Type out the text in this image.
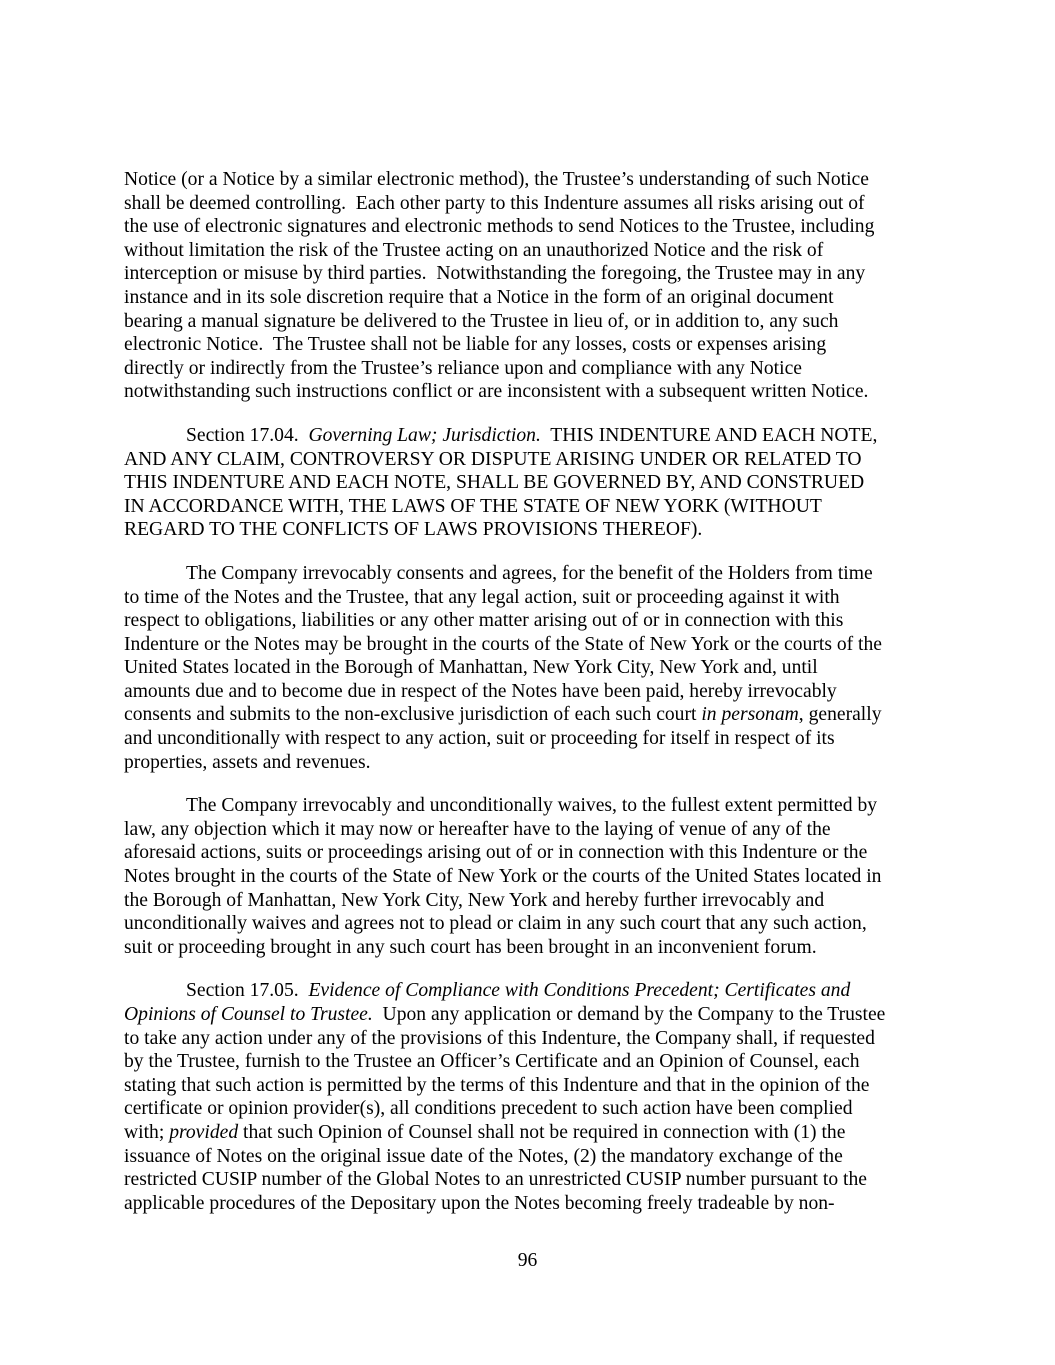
Notice (or a Notice by a similar electronic method), the Trustee’s understanding of such Notice
shall be deemed controlling.  Each other party to this Indenture assumes all risks arising out of
the use of electronic signatures and electronic methods to send Notices to the Trustee, including
without limitation the risk of the Trustee acting on an unauthorized Notice and the risk of
interception or misuse by third parties.  Notwithstanding the foregoing, the Trustee may in any
instance and in its sole discretion require that a Notice in the form of an original document
bearing a manual signature be delivered to the Trustee in lieu of, or in addition to, any such
electronic Notice.  The Trustee shall not be liable for any losses, costs or expenses arising
directly or indirectly from the Trustee’s reliance upon and compliance with any Notice
notwithstanding such instructions conflict or are inconsistent with a subsequent written Notice.
Section 17.04. Governing Law; Jurisdiction. THIS INDENTURE AND EACH NOTE,
AND ANY CLAIM, CONTROVERSY OR DISPUTE ARISING UNDER OR RELATED TO
THIS INDENTURE AND EACH NOTE, SHALL BE GOVERNED BY, AND CONSTRUED
IN ACCORDANCE WITH, THE LAWS OF THE STATE OF NEW YORK (WITHOUT
REGARD TO THE CONFLICTS OF LAWS PROVISIONS THEREOF).
The Company irrevocably consents and agrees, for the benefit of the Holders from time
to time of the Notes and the Trustee, that any legal action, suit or proceeding against it with
respect to obligations, liabilities or any other matter arising out of or in connection with this
Indenture or the Notes may be brought in the courts of the State of New York or the courts of the
United States located in the Borough of Manhattan, New York City, New York and, until
amounts due and to become due in respect of the Notes have been paid, hereby irrevocably
consents and submits to the non-exclusive jurisdiction of each such court in personam, generally
and unconditionally with respect to any action, suit or proceeding for itself in respect of its
properties, assets and revenues.
The Company irrevocably and unconditionally waives, to the fullest extent permitted by
law, any objection which it may now or hereafter have to the laying of venue of any of the
aforesaid actions, suits or proceedings arising out of or in connection with this Indenture or the
Notes brought in the courts of the State of New York or the courts of the United States located in
the Borough of Manhattan, New York City, New York and hereby further irrevocably and
unconditionally waives and agrees not to plead or claim in any such court that any such action,
suit or proceeding brought in any such court has been brought in an inconvenient forum.
Section 17.05. Evidence of Compliance with Conditions Precedent; Certificates and
Opinions of Counsel to Trustee. Upon any application or demand by the Company to the Trustee
to take any action under any of the provisions of this Indenture, the Company shall, if requested
by the Trustee, furnish to the Trustee an Officer’s Certificate and an Opinion of Counsel, each
stating that such action is permitted by the terms of this Indenture and that in the opinion of the
certificate or opinion provider(s), all conditions precedent to such action have been complied
with; provided that such Opinion of Counsel shall not be required in connection with (1) the
issuance of Notes on the original issue date of the Notes, (2) the mandatory exchange of the
restricted CUSIP number of the Global Notes to an unrestricted CUSIP number pursuant to the
applicable procedures of the Depositary upon the Notes becoming freely tradeable by non-
96
